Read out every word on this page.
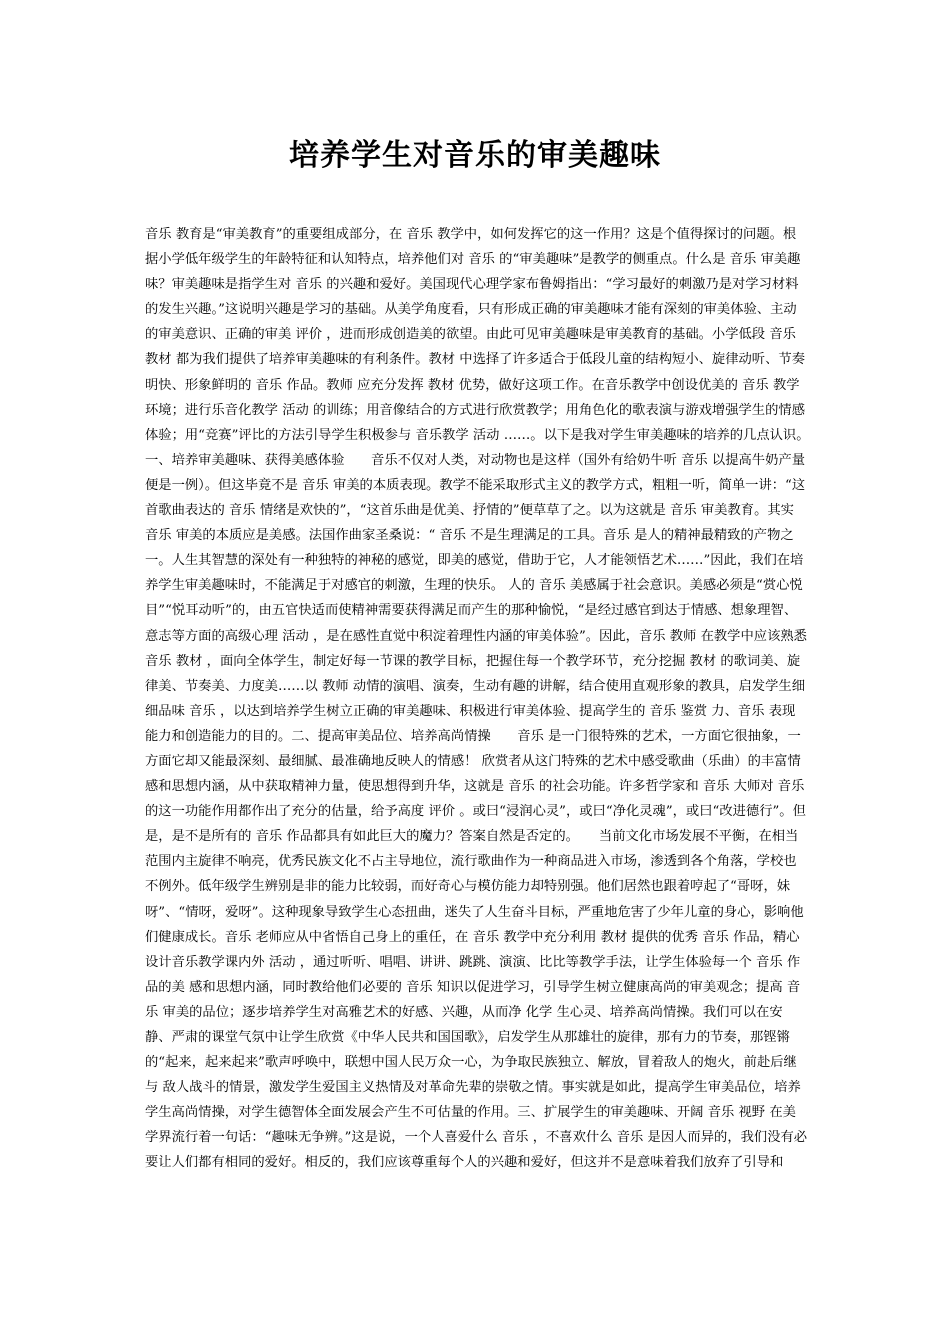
培养学生对音乐的审美趣味

音乐 教育是“审美教育”的重要组成部分，在 音乐 教学中，如何发挥它的这一作用？这是个值得探讨的问题。根据小学低年级学生的年龄特征和认知特点，培养他们对 音乐 的“审美趣味”是教学的侧重点。什么是 音乐 审美趣味？审美趣味是指学生对 音乐 的兴趣和爱好。美国现代心理学家布鲁姆指出：“学习最好的刺激乃是对学习材料的发生兴趣。”这说明兴趣是学习的基础。从美学角度看，只有形成正确的审美趣味才能有深刻的审美体验、主动的审美意识、正确的审美 评价 ，进而形成创造美的欲望。由此可见审美趣味是审美教育的基础。小学低段 音乐 教材 都为我们提供了培养审美趣味的有利条件。教材 中选择了许多适合于低段儿童的结构短小、旋律动听、节奏明快、形象鲜明的 音乐 作品。教师 应充分发挥 教材 优势，做好这项工作。在音乐教学中创设优美的 音乐 教学环境；进行乐音化教学 活动 的训练；用音像结合的方式进行欣赏教学；用角色化的歌表演与游戏增强学生的情感体验；用“竞赛”评比的方法引导学生积极参与 音乐教学 活动 ……。以下是我对学生审美趣味的培养的几点认识。　　一、培养审美趣味、获得美感体验　　音乐不仅对人类，对动物也是这样（国外有给奶牛听 音乐 以提高牛奶产量便是一例）。但这毕竟不是 音乐 审美的本质表现。教学不能采取形式主义的教学方式，粗粗一听，简单一讲：“这首歌曲表达的 音乐 情绪是欢快的”，“这首乐曲是优美、抒情的”便草草了之。以为这就是 音乐 审美教育。其实 音乐 审美的本质应是美感。法国作曲家圣桑说：“ 音乐 不是生理满足的工具。音乐 是人的精神最精致的产物之一。人生其智慧的深处有一种独特的神秘的感觉，即美的感觉，借助于它，人才能领悟艺术……”因此，我们在培养学生审美趣味时，不能满足于对感官的刺激，生理的快乐。 人的 音乐 美感属于社会意识。美感必须是“赏心悦目”“悦耳动听”的，由五官快适而使精神需要获得满足而产生的那种愉悦，“是经过感官到达于情感、想象理智、意志等方面的高级心理 活动 ，是在感性直觉中积淀着理性内涵的审美体验”。因此，音乐 教师 在教学中应该熟悉 音乐 教材 ，面向全体学生，制定好每一节课的教学目标，把握住每一个教学环节，充分挖掘 教材 的歌词美、旋律美、节奏美、力度美……以 教师 动情的演唱、演奏，生动有趣的讲解，结合使用直观形象的教具，启发学生细细品味 音乐 ，以达到培养学生树立正确的审美趣味、积极进行审美体验、提高学生的 音乐 鉴赏 力、音乐 表现能力和创造能力的目的。二、提高审美品位、培养高尚情操　　音乐 是一门很特殊的艺术，一方面它很抽象，一方面它却又能最深刻、最细腻、最准确地反映人的情感！ 欣赏者从这门特殊的艺术中感受歌曲（乐曲）的丰富情感和思想内涵，从中获取精神力量，使思想得到升华，这就是 音乐 的社会功能。许多哲学家和 音乐 大师对 音乐 的这一功能作用都作出了充分的估量，给予高度 评价 。或曰“浸润心灵”，或曰“净化灵魂”，或曰“改进德行”。但是，是不是所有的 音乐 作品都具有如此巨大的魔力？答案自然是否定的。　　当前文化市场发展不平衡，在相当范围内主旋律不响亮，优秀民族文化不占主导地位，流行歌曲作为一种商品进入市场，渗透到各个角落，学校也不例外。低年级学生辨别是非的能力比较弱，而好奇心与模仿能力却特别强。他们居然也跟着哼起了“哥呀，妹呀”、“情呀，爱呀”。这种现象导致学生心态扭曲，迷失了人生奋斗目标，严重地危害了少年儿童的身心，影响他们健康成长。音乐 老师应从中省悟自己身上的重任，在 音乐 教学中充分利用 教材 提供的优秀 音乐 作品，精心设计音乐教学课内外 活动 ，通过听听、唱唱、讲讲、跳跳、演演、比比等教学手法，让学生体验每一个 音乐 作品的美 感和思想内涵，同时教给他们必要的 音乐 知识以促进学习，引导学生树立健康高尚的审美观念；提高 音乐 审美的品位；逐步培养学生对高雅艺术的好感、兴趣，从而净 化学 生心灵、培养高尚情操。我们可以在安静、严肃的课堂气氛中让学生欣赏《中华人民共和国国歌》，启发学生从那雄壮的旋律，那有力的节奏，那铿锵的“起来，起来起来”歌声呼唤中，联想中国人民万众一心，为争取民族独立、解放，冒着敌人的炮火，前赴后继与 敌人战斗的情景，激发学生爱国主义热情及对革命先辈的崇敬之情。事实就是如此，提高学生审美品位，培养学生高尚情操，对学生德智体全面发展会产生不可估量的作用。三、扩展学生的审美趣味、开阔 音乐 视野 在美学界流行着一句话：“趣味无争辨。”这是说，一个人喜爱什么 音乐 ，不喜欢什么 音乐 是因人而异的，我们没有必要让人们都有相同的爱好。相反的，我们应该尊重每个人的兴趣和爱好，但这并不是意味着我们放弃了引导和
